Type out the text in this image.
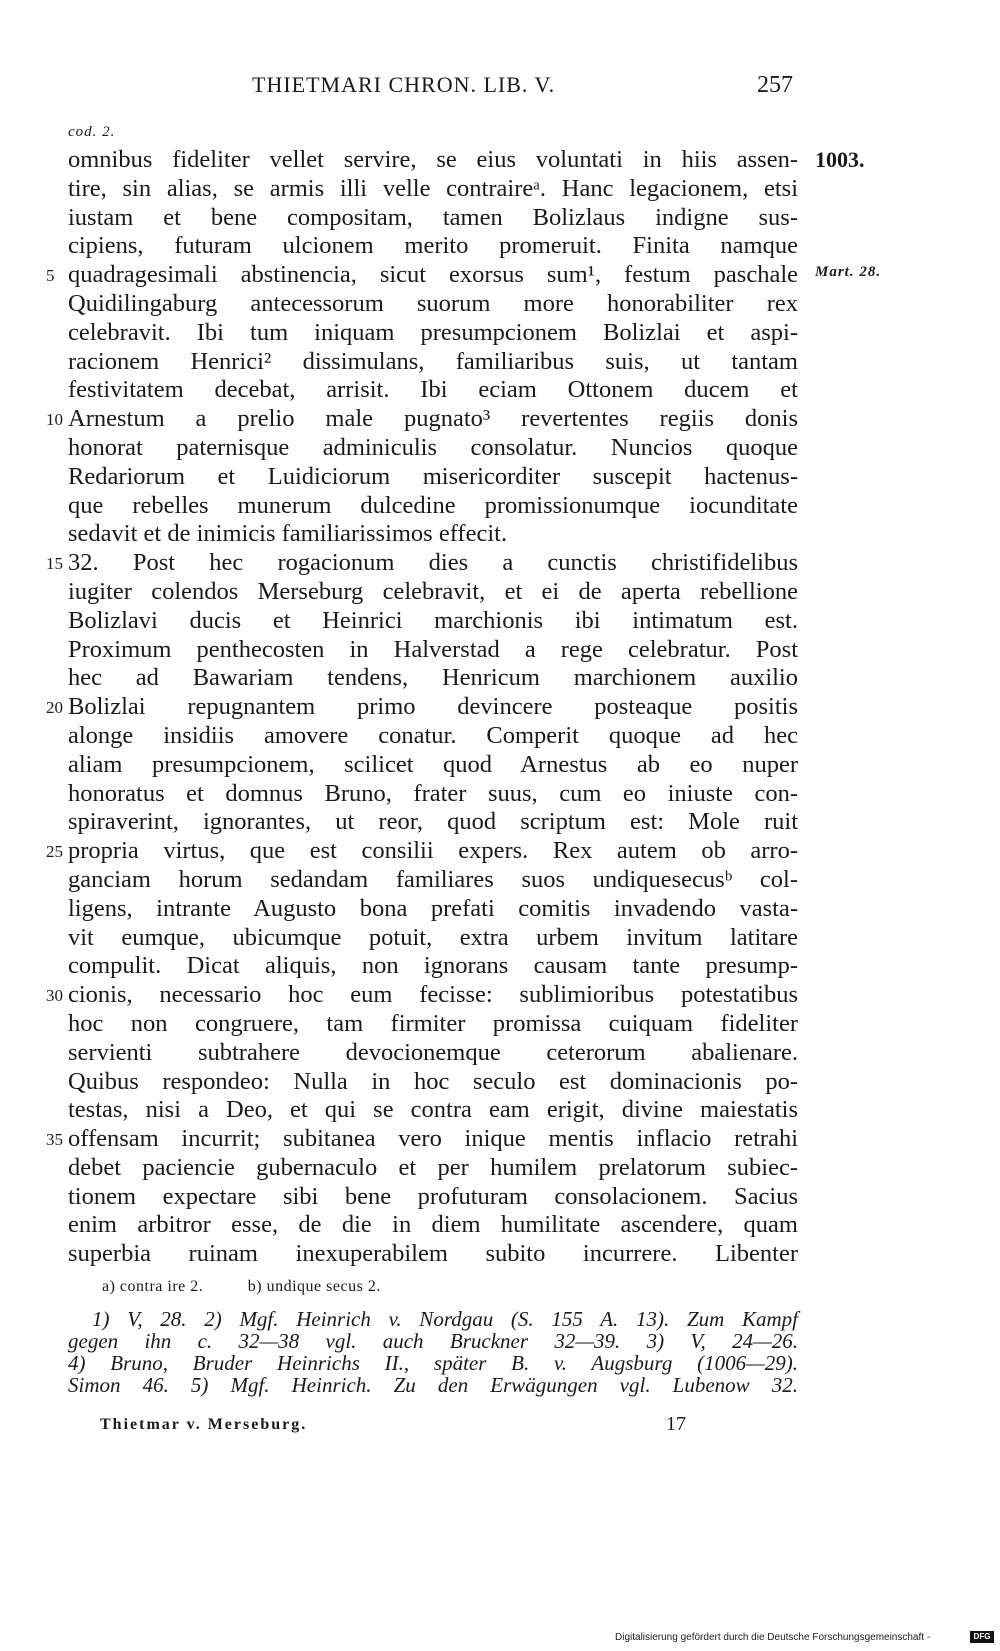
THIETMARI CHRON. LIB. V.	257
cod. 2.
1003.
Mart. 28.
omnibus fideliter vellet servire, se eius voluntati in hiis assen-
tire, sin alias, se armis illi velle contraireᵃ. Hanc legacionem, etsi
iustam et bene compositam, tamen Bolizlaus indigne sus-
cipiens, futuram ulcionem merito promeruit. Finita namque
5 quadragesimali abstinencia, sicut exorsus sum¹, festum paschale
Quidilingaburg antecessorum suorum more honorabiliter rex
celebravit. Ibi tum iniquam presumpcionem Bolizlai et aspi-
racionem Henrici² dissimulans, familiaribus suis, ut tantam
festivitatem decebat, arrisit. Ibi eciam Ottonem ducem et
10 Arnestum a prelio male pugnato³ revertentes regiis donis
honorat paternisque adminiculis consolatur. Nuncios quoque
Redariorum et Luidiciorum misericorditer suscepit hactenus-
que rebelles munerum dulcedine promissionumque iocunditate
sedavit et de inimicis familiarissimos effecit.
15 32. Post hec rogacionum dies a cunctis christifidelibus
iugiter colendos Merseburg celebravit, et ei de aperta rebellione
Bolizlavi ducis et Heinrici marchionis ibi intimatum est.
Proximum penthecosten in Halverstad a rege celebratur. Post
hec ad Bawariam tendens, Henricum marchionem auxilio
20 Bolizlai repugnantem primo devincere posteaque positis
alonge insidiis amovere conatur. Comperit quoque ad hec
aliam presumpcionem, scilicet quod Arnestus ab eo nuper
honoratus et domnus Bruno, frater suus, cum eo iniuste con-
spiraverint, ignorantes, ut reor, quod scriptum est: Mole ruit
25 propria virtus, que est consilii expers. Rex autem ob arro-
ganciam horum sedandam familiares suos undiquesecusᵇ col-
ligens, intrante Augusto bona prefati comitis invadendo vasta-
vit eumque, ubicumque potuit, extra urbem invitum latitare
compulit. Dicat aliquis, non ignorans causam tante presump-
30 cionis, necessario hoc eum fecisse: sublimioribus potestatibus
hoc non congruere, tam firmiter promissa cuiquam fideliter
servienti subtrahere devocionemque ceterorum abalienare.
Quibus respondeo: Nulla in hoc seculo est dominacionis po-
testas, nisi a Deo, et qui se contra eam erigit, divine maiestatis
35 offensam incurrit; subitanea vero inique mentis inflacio retrahi
debet paciencie gubernaculo et per humilem prelatorum subiec-
tionem expectare sibi bene profuturam consolacionem. Sacius
enim arbitror esse, de die in diem humilitate ascendere, quam
superbia ruinam inexuperabilem subito incurrere. Libenter
a) contra ire 2.	b) undique secus 2.
1) V, 28. 2) Mgf. Heinrich v. Nordgau (S. 155 A. 13). Zum Kampf
gegen ihn c. 32—38 vgl. auch Bruckner 32—39. 3) V, 24—26.
4) Bruno, Bruder Heinrichs II., später B. v. Augsburg (1006—29).
Simon 46. 5) Mgf. Heinrich. Zu den Erwägungen vgl. Lubenow 32.
Thietmar v. Merseburg.	17
Digitalisierung gefördert durch die Deutsche Forschungsgemeinschaft -	DFG
